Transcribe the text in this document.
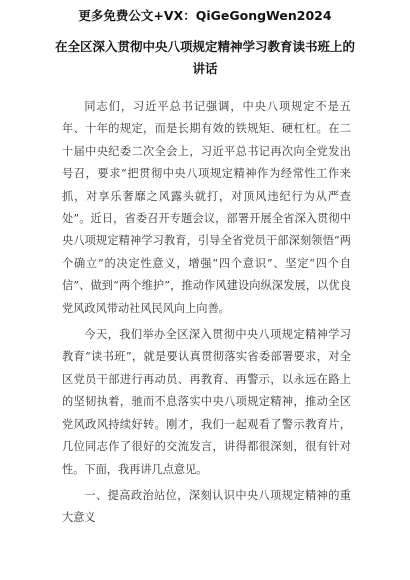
更多免费公文+VX：QiGeGongWen2024
在全区深入贯彻中央八项规定精神学习教育读书班上的讲话

同志们，习近平总书记强调，中央八项规定不是五年、十年的规定，而是长期有效的铁规矩、硬杠杠。在二十届中央纪委二次全会上，习近平总书记再次向全党发出号召，要求“把贯彻中央八项规定精神作为经常性工作来抓，对享乐奢靡之风露头就打，对顶风违纪行为从严查处”。近日，省委召开专题会议，部署开展全省深入贯彻中央八项规定精神学习教育，引导全省党员干部深刻领悟“两个确立”的决定性意义，增强“四个意识”、坚定“四个自信”、做到“两个维护”，推动作风建设向纵深发展，以优良党风政风带动社风民风向上向善。

今天，我们举办全区深入贯彻中央八项规定精神学习教育“读书班”，就是要认真贯彻落实省委部署要求，对全区党员干部进行再动员、再教育、再警示，以永远在路上的坚韧执着，驰而不息落实中央八项规定精神，推动全区党风政风持续好转。刚才，我们一起观看了警示教育片，几位同志作了很好的交流发言，讲得都很深刻，很有针对性。下面，我再讲几点意见。

一、提高政治站位，深刻认识中央八项规定精神的重大意义
